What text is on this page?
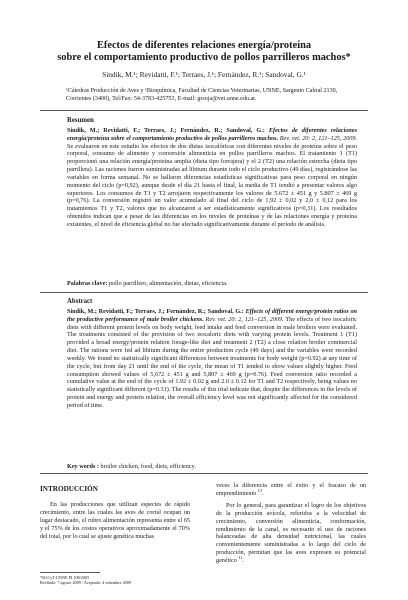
Efectos de diferentes relaciones energía/proteína
sobre el comportamiento productivo de pollos parrilleros machos*
Sindik, M.¹; Revidatti, F.¹; Terraes, J.¹; Fernández, R.¹; Sandoval, G.¹
¹Cátedras Producción de Aves y ¹Bioquímica, Facultad de Ciencias Veterinarias, UNNE, Sargento Cabral 2139, Corrientes (3400), Tel/Fax: 54-3783-425753, E-mail: grsoja@vet.unne.edu.ar.
Resumen
Sindik, M.; Revidatti, F.; Terraes, J.; Fernández, R.; Sandoval, G.: Efectos de diferentes relaciones energía/proteína sobre el comportamiento productivo de pollos parrilleros machos. Rev. vet. 20: 2, 121–125, 2009. Se evaluaron en este estudio los efectos de dos dietas isocalóricas con diferentes niveles de proteína sobre el peso corporal, consumo de alimento y conversión alimenticia en pollos parrilleros machos. El tratamiento 1 (T1) proporcionó una relación energía/proteína amplia (dieta tipo forrajera) y el 2 (T2) una relación estrecha (dieta tipo parrillera). Las raciones fueron suministradas ad libitum durante todo el ciclo productivo (49 días), registrándose las variables en forma semanal. No se hallaron diferencias estadísticas significativas para peso corporal en ningún momento del ciclo (p=0,92), aunque desde el día 21 hasta el final, la media de T1 tendió a presentar valores algo superiores. Los consumos de T1 y T2 arrojaron respectivamente los valores de 5.672 ± 451 g y 5.807 ± 469 g (p=0,76). La conversión registró un valor acumulado al final del ciclo de 1,92 ± 0,02 y 2,0 ± 0,12 para los tratamientos T1 y T2, valores que no alcanzaron a ser estadísticamente significativos (p=0,31). Los resultados obtenidos indican que a pesar de las diferencias en los niveles de proteínas y de las relaciones energía y proteína existentes, el nivel de eficiencia global no fue afectado significativamente durante el período de análisis.
Palabras clave: pollo parrillero, alimentación, dietas, eficiencia.
Abstract
Sindik, M.; Revidatti, F.; Terraes, J.; Fernández, R.; Sandoval, G.: Effects of different energy/protein ratios on the productive performance of male broiler chickens. Rev. vet. 20: 2, 121–125, 2009. The effects of two isocaloric diets with different protein levels on body weight, feed intake and feed conversion in male broilers were evaluated. The treatments consisted of the provision of two isocaloric diets with varying protein levels. Treatment 1 (T1) provided a broad energy/protein relation forage-like diet and treatment 2 (T2) a close relation broiler commercial diet. The rations were fed ad libitum during the entire production cycle (49 days) and the variables were recorded weekly. We found no statistically significant differences between treatments for body weight (p=0.92) at any time of the cycle, but from day 21 until the end of the cycle, the mean of T1 tended to show values slightly higher. Feed consumption showed values of 5,672 ± 451 g and 5,807 ± 469 g (p=0.76). Feed conversion ratio recorded a cumulative value at the end of the cycle of 1.92 ± 0.02 g and 2.0 ± 0.12 for T1 and T2 respectively, being values no statistically significant different (p=0.31). The results of this trial indicate that, despite the differences in the levels of protein and energy and protein relation, the overall efficiency level was not significantly affected for the considered period of time.
Key words : broiler chicken, food, diets, efficiency.
INTRODUCCIÓN

En las producciones que utilizan especies de rápido crecimiento, entre las cuales las aves de corral ocupan un lugar destacado, el rubro alimentación representa entre el 65 y el 75% de los costos operativos aproximadamente el 70% del total, por lo cual se ajuste genética muchas

veces la diferencia entre el éxito y el fracaso de un emprendimiento $^{13}$.

Por lo general, para garantizar el logro de los objetivos de la producción avícola, referidos a la velocidad de crecimiento, conversión alimenticia, conformación, rendimiento de la canal, es necesario el uso de raciones balanceadas de alta densidad nutricional, las cuales convenientemente suministradas a lo largo del ciclo de producción, permitan que las aves expresen su potencial genético $^{11}$.

*SGCyT-UNNE PI 108/2005
Recibido: 7 agosto 2009 / Aceptado: 4 setiembre 2009
